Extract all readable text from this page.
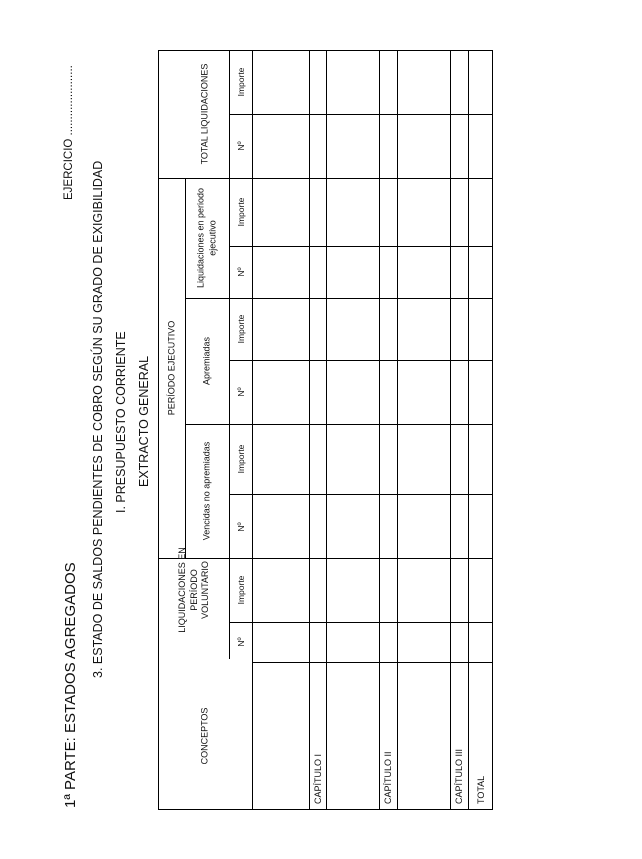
1ª PARTE: ESTADOS AGREGADOS
3. ESTADO DE SALDOS PENDIENTES DE COBRO SEGÚN SU GRADO DE EXIGIBILIDAD I. PRESUPUESTO CORRIENTE EXTRACTO GENERAL
EJERCICIO ......................
CONCEPTOS
LIQUIDACIONES EN PERÍODO VOLUNTARIO
PERÍODO EJECUTIVO
Vencidas no apremiadas
Apremiadas
Liquidaciones en periodo ejecutivo
TOTAL LIQUIDACIONES
Nº
Importe
Nº
Importe
Nº
Importe
Nº
Importe
Nº
Importe
CAPÍTULO I	CAPÍTULO II	CAPÍTULO III TOTAL
